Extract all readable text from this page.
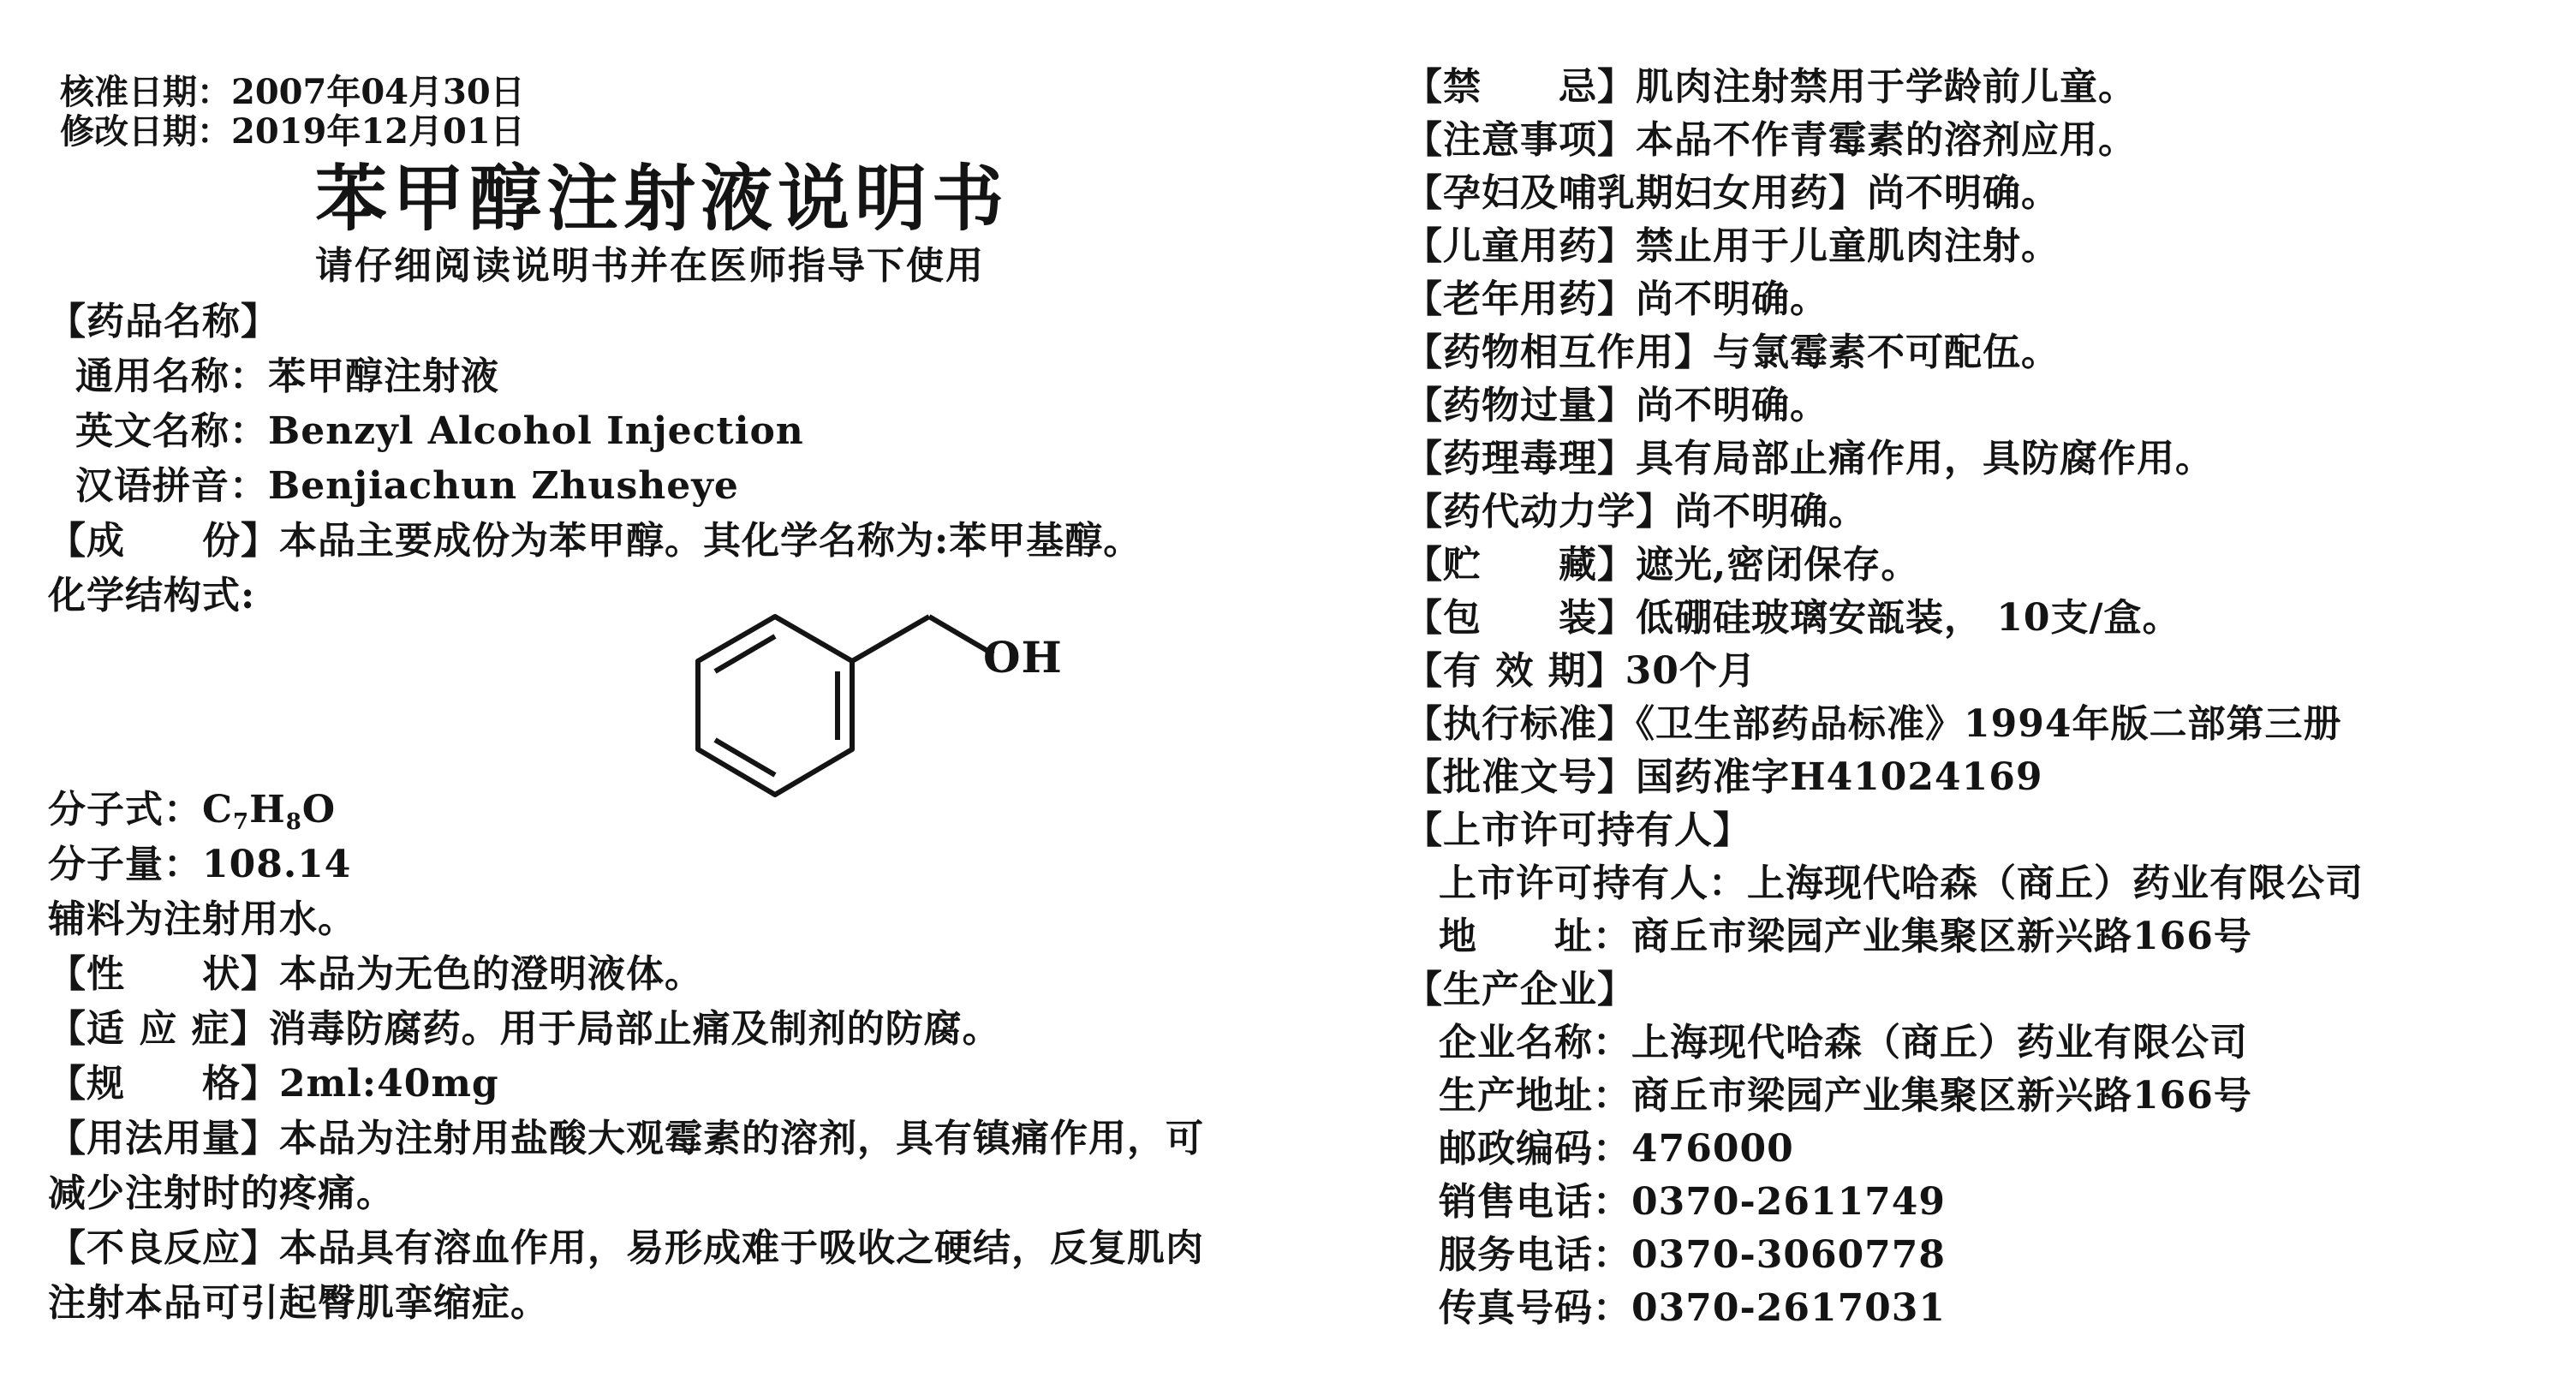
核准日期：2007年04月30日
修改日期：2019年12月01日
苯甲醇注射液说明书
请仔细阅读说明书并在医师指导下使用
【药品名称】
通用名称：苯甲醇注射液
英文名称：Benzyl Alcohol Injection
汉语拼音：Benjiachun Zhusheye
【成　　份】本品主要成份为苯甲醇。其化学名称为:苯甲基醇。
化学结构式:
OH
分子式：$C_7H_8O$
分子量：108.14
辅料为注射用水。
【性　　状】本品为无色的澄明液体。
【适 应 症】消毒防腐药。用于局部止痛及制剂的防腐。
【规　　格】2ml:40mg
【用法用量】本品为注射用盐酸大观霉素的溶剂，具有镇痛作用，可
减少注射时的疼痛。
【不良反应】本品具有溶血作用，易形成难于吸收之硬结，反复肌肉
注射本品可引起臀肌挛缩症。
【禁　　忌】肌肉注射禁用于学龄前儿童。
【注意事项】本品不作青霉素的溶剂应用。
【孕妇及哺乳期妇女用药】尚不明确。
【儿童用药】禁止用于儿童肌肉注射。
【老年用药】尚不明确。
【药物相互作用】与氯霉素不可配伍。
【药物过量】尚不明确。
【药理毒理】具有局部止痛作用，具防腐作用。
【药代动力学】尚不明确。
【贮　　藏】遮光,密闭保存。
【包　　装】低硼硅玻璃安瓿装， 10支/盒。
【有 效 期】30个月
【执行标准】《卫生部药品标准》1994年版二部第三册
【批准文号】国药准字H41024169
【上市许可持有人】
上市许可持有人：上海现代哈森（商丘）药业有限公司
地　　址：商丘市梁园产业集聚区新兴路166号
【生产企业】
企业名称：上海现代哈森（商丘）药业有限公司
生产地址：商丘市梁园产业集聚区新兴路166号
邮政编码：476000
销售电话：0370-2611749
服务电话：0370-3060778
传真号码：0370-2617031
